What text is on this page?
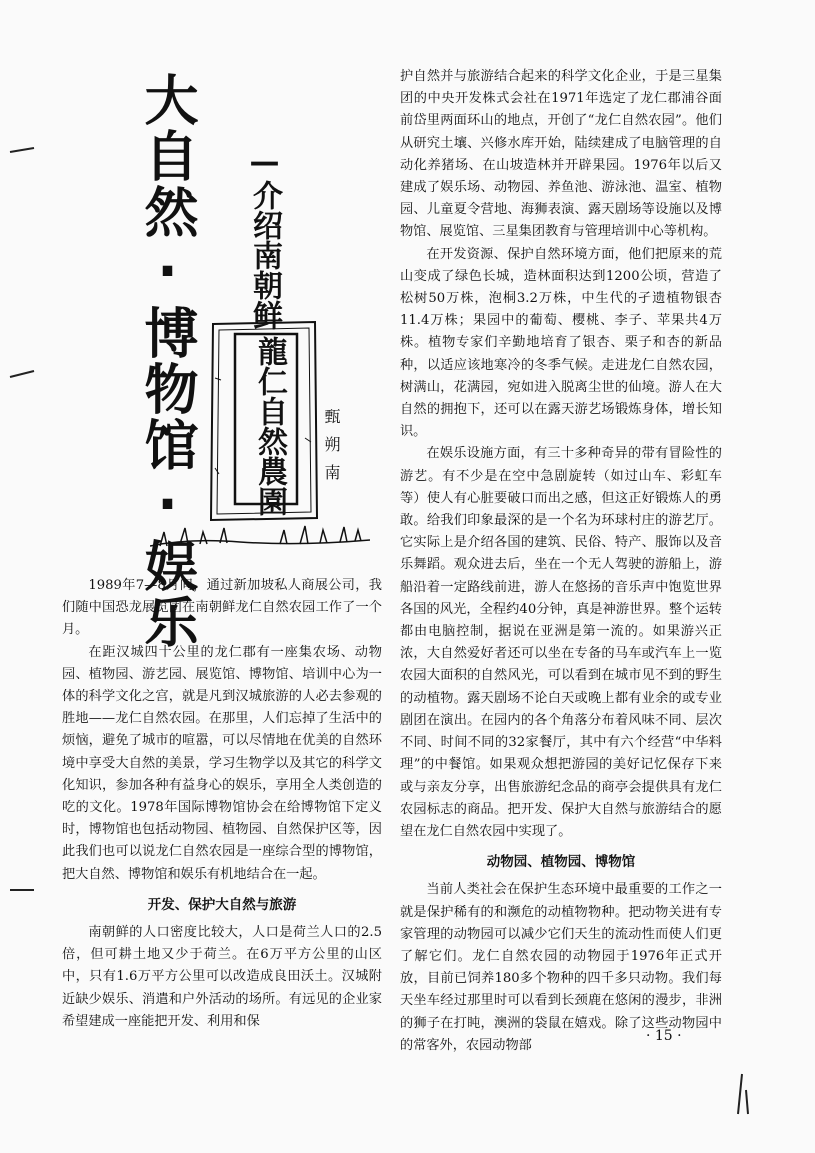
大自然·博物馆·娱乐 —介绍南朝鲜
龍仁自然農園 甄朔南

1989年7—8月间，通过新加坡私人商展公司，我们随中国恐龙展览团在南朝鲜龙仁自然农园工作了一个月。

在距汉城四十公里的龙仁郡有一座集农场、动物园、植物园、游艺园、展览馆、博物馆、培训中心为一体的科学文化之宫，就是凡到汉城旅游的人必去参观的胜地——龙仁自然农园。在那里，人们忘掉了生活中的烦恼，避免了城市的喧嚣，可以尽情地在优美的自然环境中享受大自然的美景，学习生物学以及其它的科学文化知识，参加各种有益身心的娱乐，享用全人类创造的吃的文化。1978年国际博物馆协会在给博物馆下定义时，博物馆也包括动物园、植物园、自然保护区等，因此我们也可以说龙仁自然农园是一座综合型的博物馆，把大自然、博物馆和娱乐有机地结合在一起。

开发、保护大自然与旅游

南朝鲜的人口密度比较大，人口是荷兰人口的2.5倍，但可耕土地又少于荷兰。在6万平方公里的山区中，只有1.6万平方公里可以改造成良田沃土。汉城附近缺少娱乐、消遣和户外活动的场所。有远见的企业家希望建成一座能把开发、利用和保

护自然并与旅游结合起来的科学文化企业，于是三星集团的中央开发株式会社在1971年选定了龙仁郡浦谷面前岱里两面环山的地点，开创了“龙仁自然农园”。他们从研究土壤、兴修水库开始，陆续建成了电脑管理的自动化养猪场、在山坡造林并开辟果园。1976年以后又建成了娱乐场、动物园、养鱼池、游泳池、温室、植物园、儿童夏令营地、海狮表演、露天剧场等设施以及博物馆、展览馆、三星集团教育与管理培训中心等机构。

在开发资源、保护自然环境方面，他们把原来的荒山变成了绿色长城，造林面积达到1200公顷，营造了松树50万株，泡桐3.2万株，中生代的孑遗植物银杏11.4万株；果园中的葡萄、樱桃、李子、苹果共4万株。植物专家们辛勤地培育了银杏、栗子和杏的新品种，以适应该地寒冷的冬季气候。走进龙仁自然农园，树满山，花满园，宛如进入脱离尘世的仙境。游人在大自然的拥抱下，还可以在露天游艺场锻炼身体，增长知识。

在娱乐设施方面，有三十多种奇异的带有冒险性的游艺。有不少是在空中急剧旋转（如过山车、彩虹车等）使人有心脏要破口而出之感，但这正好锻炼人的勇敢。给我们印象最深的是一个名为环球村庄的游艺厅。它实际上是介绍各国的建筑、民俗、特产、服饰以及音乐舞蹈。观众进去后，坐在一个无人驾驶的游船上，游船沿着一定路线前进，游人在悠扬的音乐声中饱览世界各国的风光，全程约40分钟，真是神游世界。整个运转都由电脑控制，据说在亚洲是第一流的。如果游兴正浓，大自然爱好者还可以坐在专备的马车或汽车上一览农园大面积的自然风光，可以看到在城市见不到的野生的动植物。露天剧场不论白天或晚上都有业余的或专业剧团在演出。在园内的各个角落分布着风味不同、层次不同、时间不同的32家餐厅，其中有六个经营“中华料理”的中餐馆。如果观众想把游园的美好记忆保存下来或与亲友分享，出售旅游纪念品的商亭会提供具有龙仁农园标志的商品。把开发、保护大自然与旅游结合的愿望在龙仁自然农园中实现了。

动物园、植物园、博物馆

当前人类社会在保护生态环境中最重要的工作之一就是保护稀有的和濒危的动植物物种。把动物关进有专家管理的动物园可以减少它们天生的流动性而使人们更了解它们。龙仁自然农园的动物园于1976年正式开放，目前已饲养180多个物种的四千多只动物。我们每天坐车经过那里时可以看到长颈鹿在悠闲的漫步，非洲的狮子在打盹，澳洲的袋鼠在嬉戏。除了这些动物园中的常客外，农园动物部

· 15 ·
